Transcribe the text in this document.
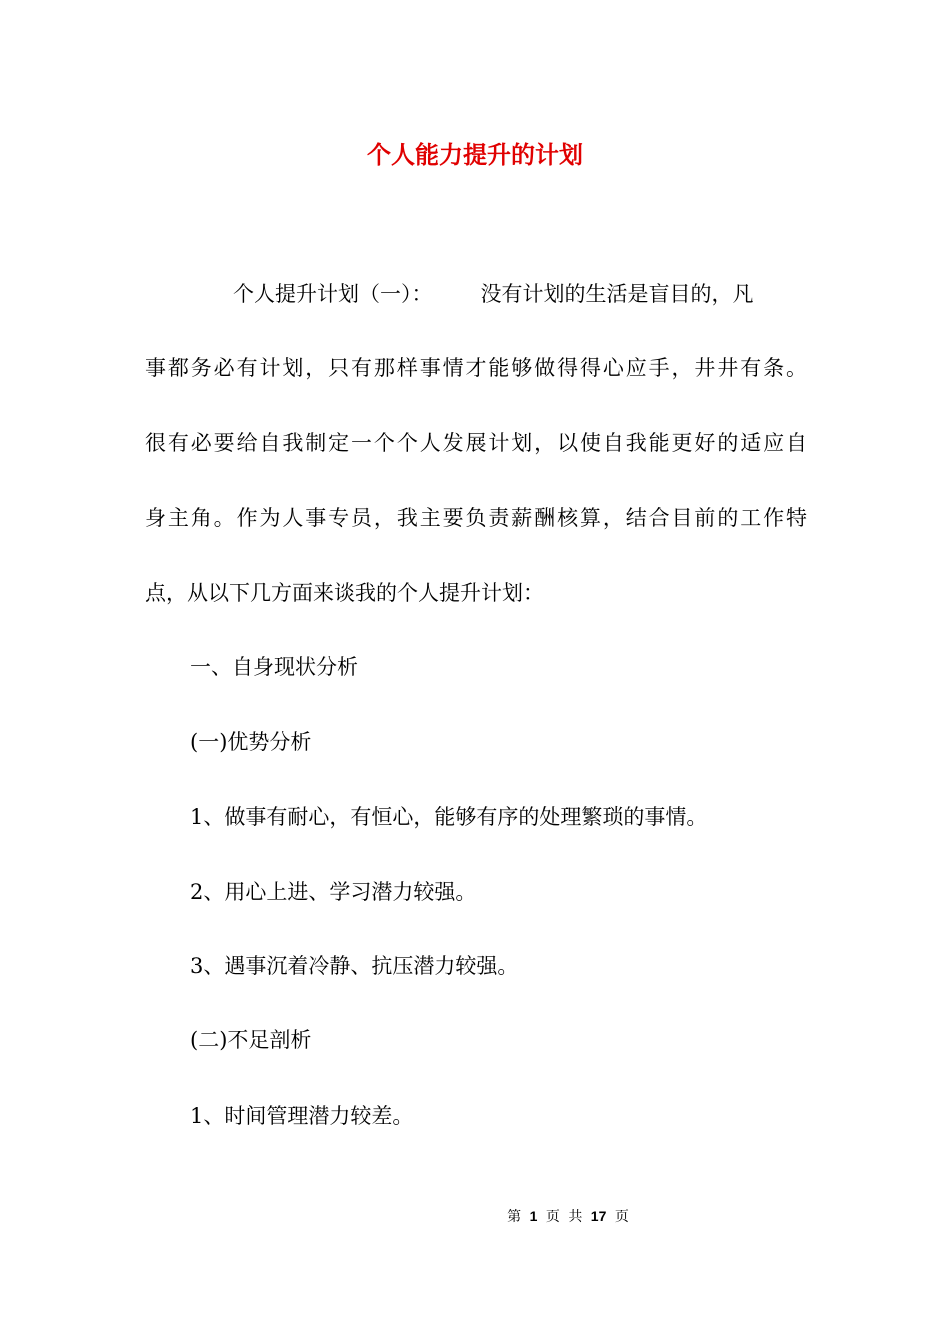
个人能力提升的计划
个人提升计划（一）： 没有计划的生活是盲目的，凡
事都务必有计划，只有那样事情才能够做得得心应手，井井有条。
很有必要给自我制定一个个人发展计划，以使自我能更好的适应自
身主角。作为人事专员，我主要负责薪酬核算，结合目前的工作特
点，从以下几方面来谈我的个人提升计划：
一、自身现状分析
(一)优势分析
1、做事有耐心，有恒心，能够有序的处理繁琐的事情。
2、用心上进、学习潜力较强。
3、遇事沉着冷静、抗压潜力较强。
(二)不足剖析
1、时间管理潜力较差。
第 1 页 共 17 页
